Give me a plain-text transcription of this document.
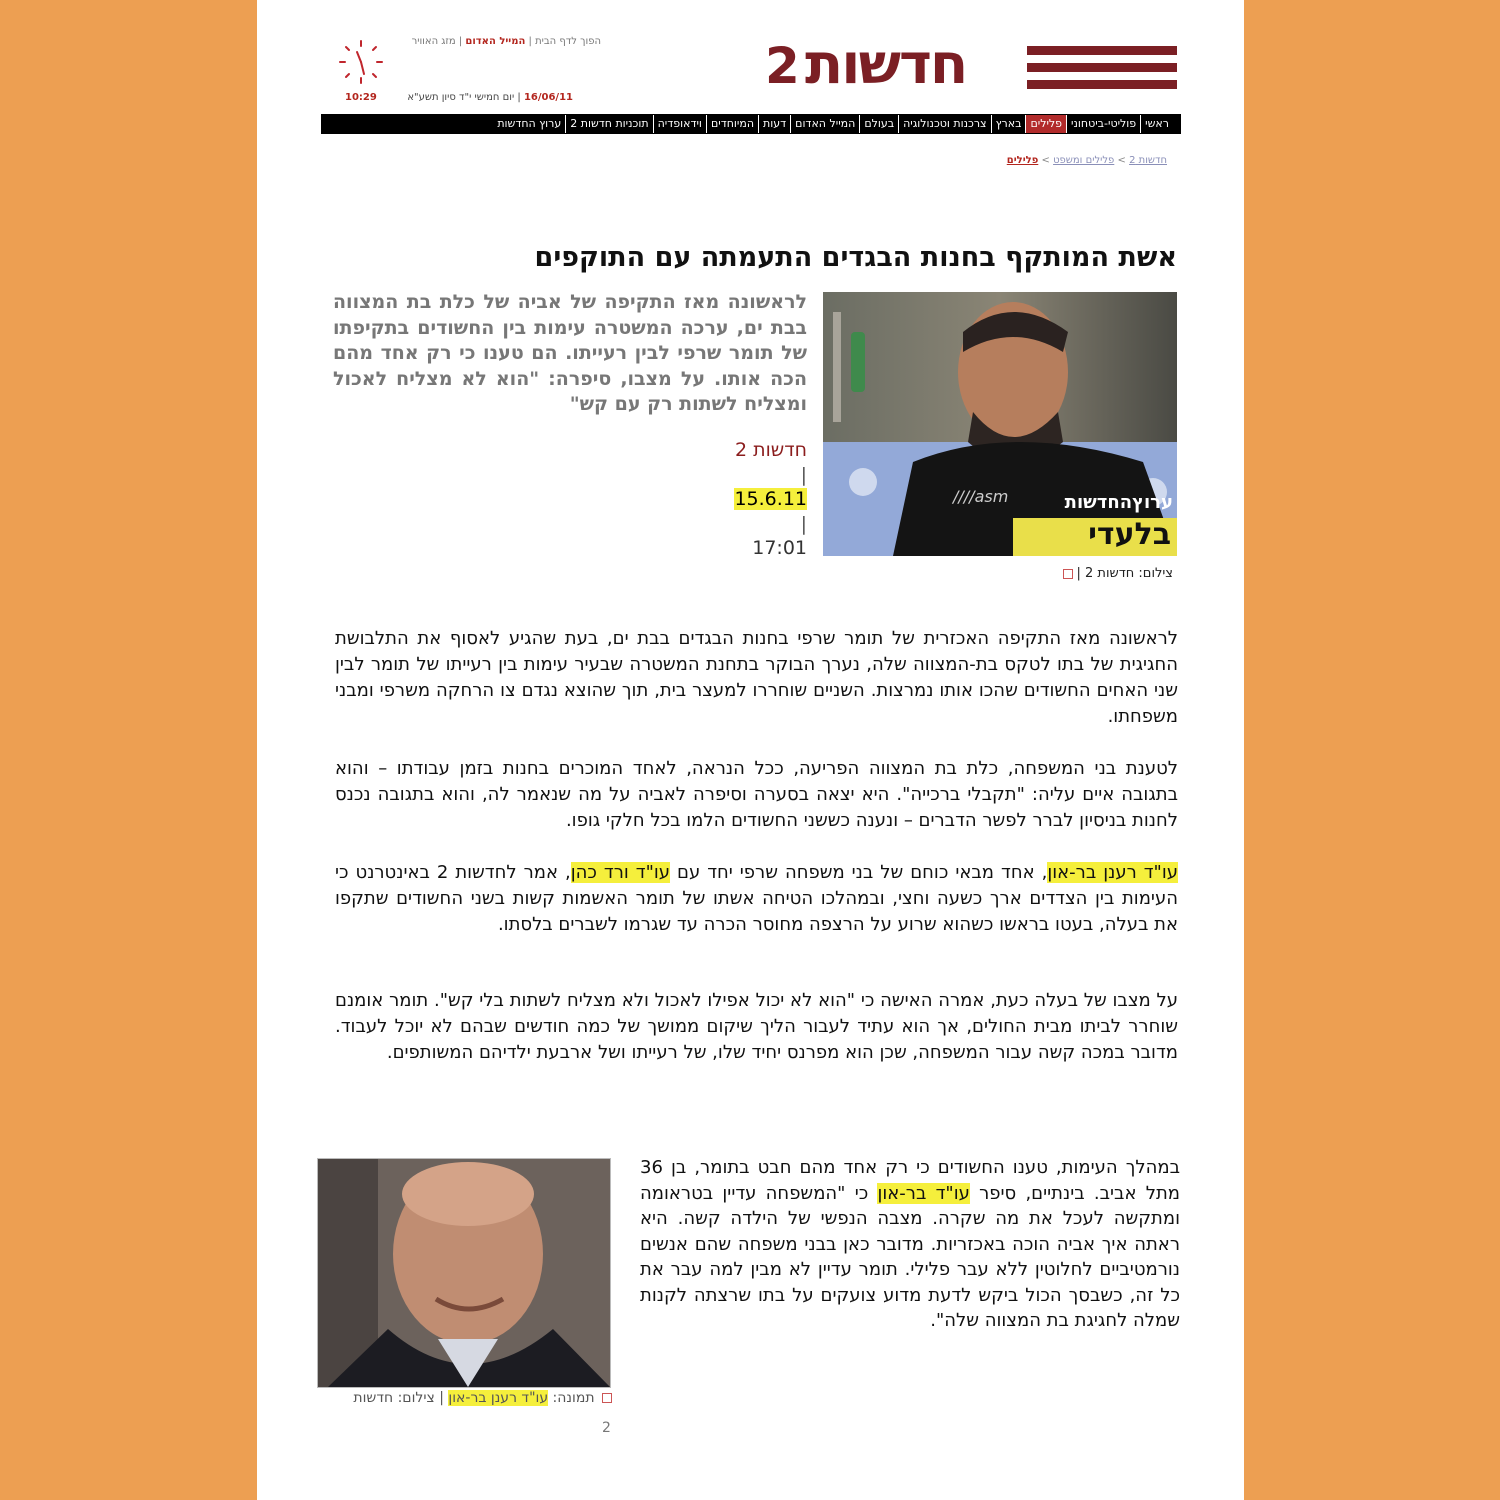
2 חדשות
הפוך לדף הבית | המייל האדום | מזג האוויר
10:29	16/06/11 | יום חמישי י"ד סיון תשע"א
ראשי
פוליטי-ביטחוני
פלילים
בארץ
צרכנות וטכנולוגיה
בעולם
המייל האדום
דעות
המיוחדים
וידאופדיה
תוכניות חדשות 2
ערוץ החדשות
חדשות 2 > פלילים ומשפט > פלילים
אשת המותקף בחנות הבגדים התעמתה עם התוקפים
לראשונה מאז התקיפה של אביה של כלת בת המצווה בבת ים, ערכה המשטרה עימות בין החשודים בתקיפתו של תומר שרפי לבין רעייתו. הם טענו כי רק אחד מהם הכה אותו. על מצבו, סיפרה: "הוא לא מצליח לאכול ומצליח לשתות רק עם קש"
חדשות 2
|
15.6.11
|
17:01
////asm	ערוץהחדשות
בלעדי
צילום: חדשות 2 |
לראשונה מאז התקיפה האכזרית של תומר שרפי בחנות הבגדים בבת ים, בעת שהגיע לאסוף את התלבושת החגיגית של בתו לטקס בת-המצווה שלה, נערך הבוקר בתחנת המשטרה שבעיר עימות בין רעייתו של תומר לבין שני האחים החשודים שהכו אותו נמרצות. השניים שוחררו למעצר בית, תוך שהוצא נגדם צו הרחקה משרפי ומבני משפחתו.
לטענת בני המשפחה, כלת בת המצווה הפריעה, ככל הנראה, לאחד המוכרים בחנות בזמן עבודתו – והוא בתגובה איים עליה: "תקבלי ברכייה". היא יצאה בסערה וסיפרה לאביה על מה שנאמר לה, והוא בתגובה נכנס לחנות בניסיון לברר לפשר הדברים – ונענה כששני החשודים הלמו בכל חלקי גופו.
עו"ד רענן בר-און, אחד מבאי כוחם של בני משפחה שרפי יחד עם עו"ד ורד כהן, אמר לחדשות 2 באינטרנט כי העימות בין הצדדים ארך כשעה וחצי, ובמהלכו הטיחה אשתו של תומר האשמות קשות בשני החשודים שתקפו את בעלה, בעטו בראשו כשהוא שרוע על הרצפה מחוסר הכרה עד שגרמו לשברים בלסתו.
על מצבו של בעלה כעת, אמרה האישה כי "הוא לא יכול אפילו לאכול ולא מצליח לשתות בלי קש". תומר אומנם שוחרר לביתו מבית החולים, אך הוא עתיד לעבור הליך שיקום ממושך של כמה חודשים שבהם לא יוכל לעבוד. מדובר במכה קשה עבור המשפחה, שכן הוא מפרנס יחיד שלו, של רעייתו ושל ארבעת ילדיהם המשותפים.
במהלך העימות, טענו החשודים כי רק אחד מהם חבט בתומר, בן 36 מתל אביב. בינתיים, סיפר עו"ד בר-און כי "המשפחה עדיין בטראומה ומתקשה לעכל את מה שקרה. מצבה הנפשי של הילדה קשה. היא ראתה איך אביה הוכה באכזריות. מדובר כאן בבני משפחה שהם אנשים נורמטיביים לחלוטין ללא עבר פלילי. תומר עדיין לא מבין למה עבר את כל זה, כשבסך הכול ביקש לדעת מדוע צועקים על בתו שרצתה לקנות שמלה לחגיגת בת המצווה שלה".
תמונה: עו"ד רענן בר-און | צילום: חדשות
2
